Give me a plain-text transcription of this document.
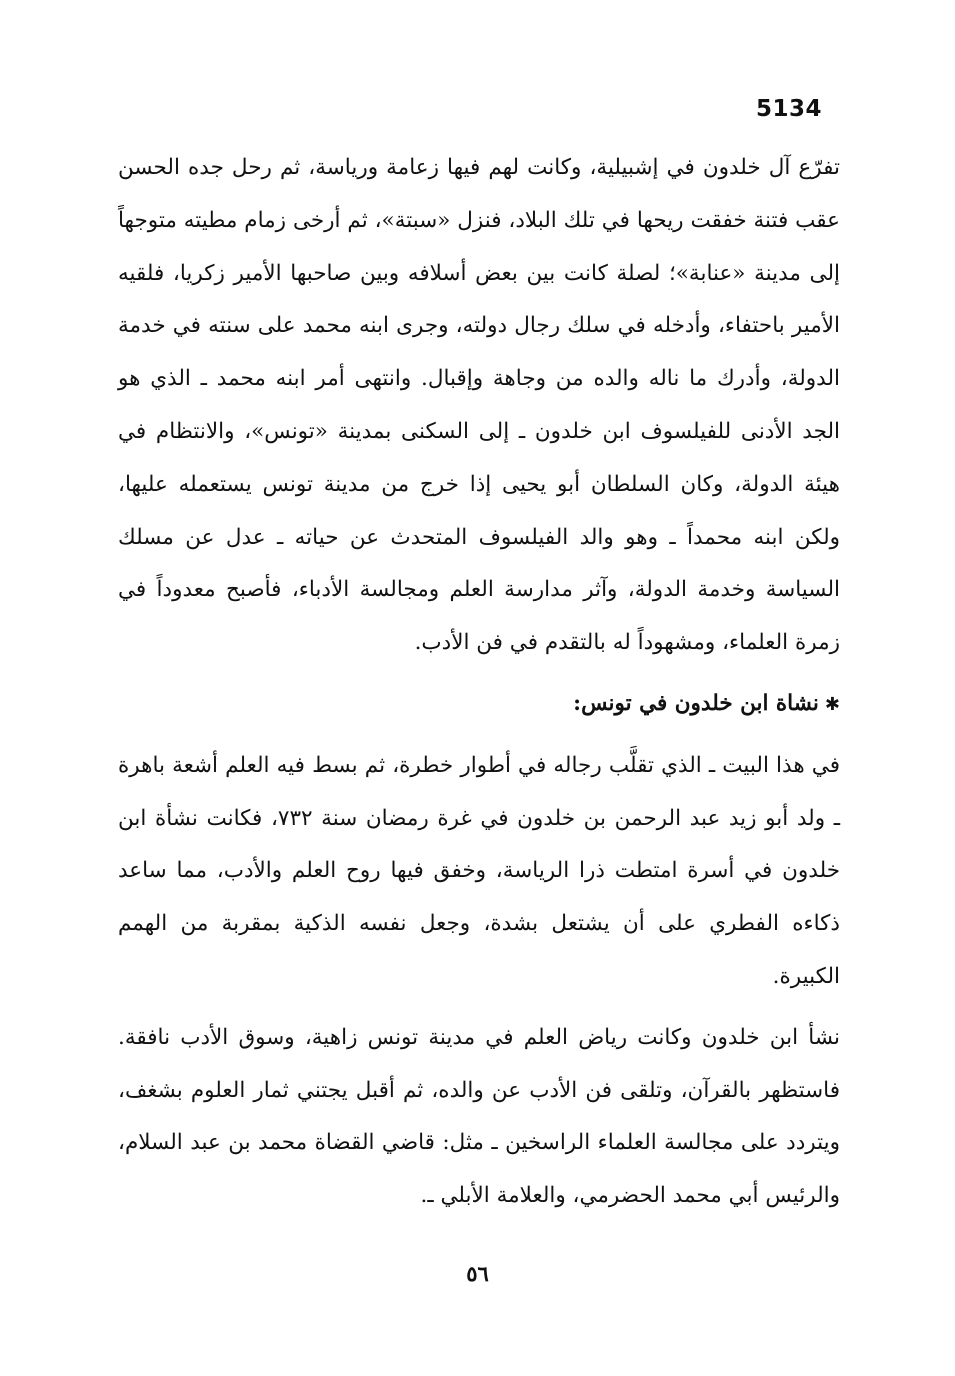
5134

تفرّع آل خلدون في إشبيلية، وكانت لهم فيها زعامة ورياسة، ثم رحل جده الحسن عقب فتنة خفقت ريحها في تلك البلاد، فنزل «سبتة»، ثم أرخى زمام مطيته متوجهاً إلى مدينة «عنابة»؛ لصلة كانت بين بعض أسلافه وبين صاحبها الأمير زكريا، فلقيه الأمير باحتفاء، وأدخله في سلك رجال دولته، وجرى ابنه محمد على سنته في خدمة الدولة، وأدرك ما ناله والده من وجاهة وإقبال. وانتهى أمر ابنه محمد ـ الذي هو الجد الأدنى للفيلسوف ابن خلدون ـ إلى السكنى بمدينة «تونس»، والانتظام في هيئة الدولة، وكان السلطان أبو يحيى إذا خرج من مدينة تونس يستعمله عليها، ولكن ابنه محمداً ـ وهو والد الفيلسوف المتحدث عن حياته ـ عدل عن مسلك السياسة وخدمة الدولة، وآثر مدارسة العلم ومجالسة الأدباء، فأصبح معدوداً في زمرة العلماء، ومشهوداً له بالتقدم في فن الأدب.

✱نشاة ابن خلدون في تونس:

في هذا البيت ـ الذي تقلَّب رجاله في أطوار خطرة، ثم بسط فيه العلم أشعة باهرة ـ ولد أبو زيد عبد الرحمن بن خلدون في غرة رمضان سنة ٧٣٢، فكانت نشأة ابن خلدون في أسرة امتطت ذرا الرياسة، وخفق فيها روح العلم والأدب، مما ساعد ذكاءه الفطري على أن يشتعل بشدة، وجعل نفسه الذكية بمقربة من الهمم الكبيرة.

نشأ ابن خلدون وكانت رياض العلم في مدينة تونس زاهية، وسوق الأدب نافقة. فاستظهر بالقرآن، وتلقى فن الأدب عن والده، ثم أقبل يجتني ثمار العلوم بشغف، ويتردد على مجالسة العلماء الراسخين ـ مثل: قاضي القضاة محمد بن عبد السلام، والرئيس أبي محمد الحضرمي، والعلامة الأبلي ـ.

٥٦
